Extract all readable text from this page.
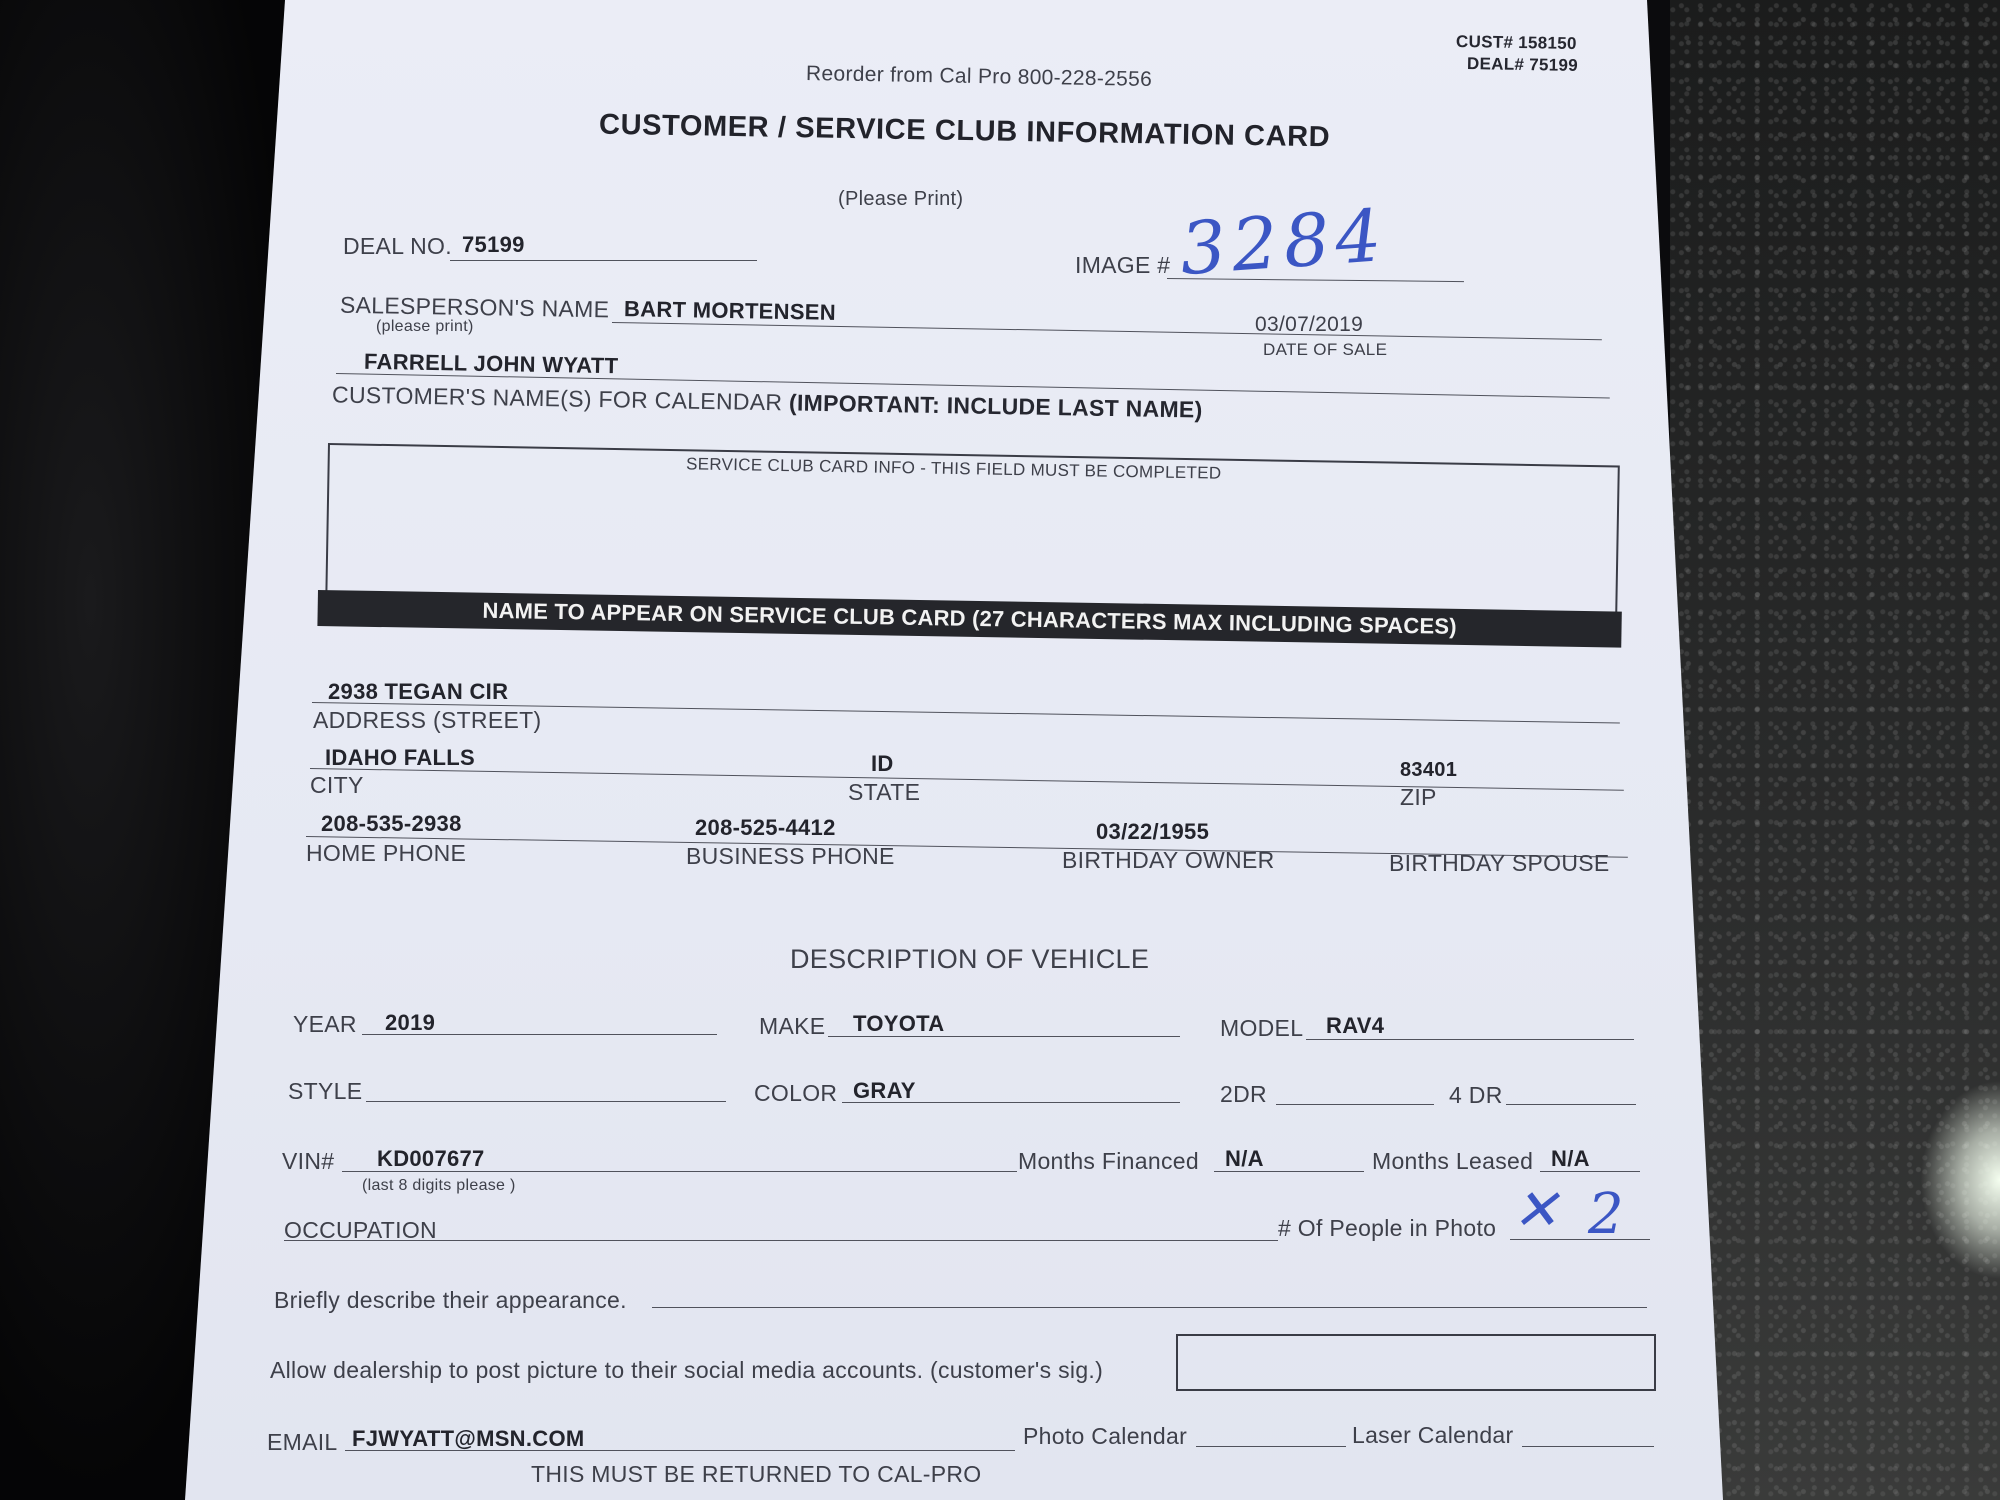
CUST# 158150
DEAL# 75199
Reorder from Cal Pro 800-228-2556
CUSTOMER / SERVICE CLUB INFORMATION CARD
(Please Print)
DEAL NO. 75199
IMAGE # 3284
SALESPERSON'S NAME
(please print)
BART MORTENSEN	03/07/2019
DATE OF SALE
FARRELL JOHN WYATT
CUSTOMER'S NAME(S) FOR CALENDAR (IMPORTANT: INCLUDE LAST NAME)
SERVICE CLUB CARD INFO - THIS FIELD MUST BE COMPLETED
NAME TO APPEAR ON SERVICE CLUB CARD (27 CHARACTERS MAX INCLUDING SPACES)
2938 TEGAN CIR
ADDRESS (STREET)
IDAHO FALLS	ID	83401
CITY	STATE	ZIP
208-535-2938	208-525-4412	03/22/1955
HOME PHONE	BUSINESS PHONE	BIRTHDAY OWNER	BIRTHDAY SPOUSE
DESCRIPTION OF VEHICLE
YEAR 2019	MAKE TOYOTA	MODEL RAV4
STYLE	COLOR GRAY	2DR	4 DR
VIN# KD007677
(last 8 digits please )
Months Financed N/A	Months Leased N/A
OCCUPATION	# Of People in Photo ✕ 2
Briefly describe their appearance.
Allow dealership to post picture to their social media accounts. (customer's sig.)
EMAIL FJWYATT@MSN.COM	Photo Calendar	Laser Calendar
THIS MUST BE RETURNED TO CAL-PRO
